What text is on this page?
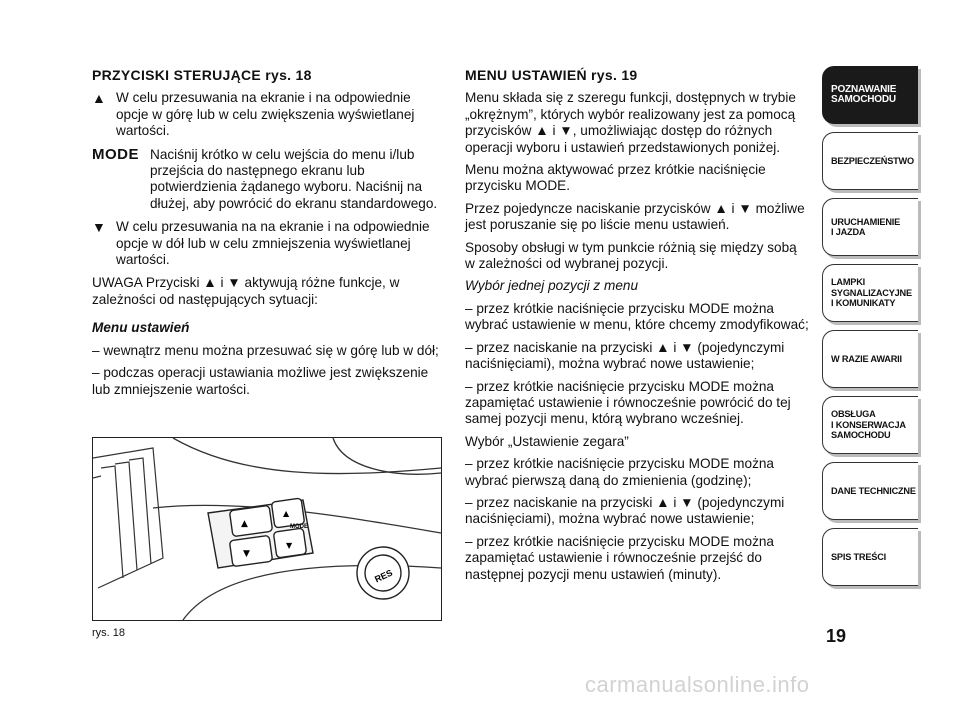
PRZYCISKI STERUJĄCE rys. 18

▲ W celu przesuwania na ekranie i na odpowiednie opcje w górę lub w celu zwiększenia wyświetlanej wartości.
MODE Naciśnij krótko w celu wejścia do menu i/lub przejścia do następnego ekranu lub potwierdzienia żądanego wyboru. Naciśnij na dłużej, aby powrócić do ekranu standardowego.
▼ W celu przesuwania na na ekranie i na odpowiednie opcje w dół lub w celu zmniejszenia wyświetlanej wartości.

UWAGA Przyciski ▲ i ▼ aktywują różne funkcje, w zależności od następujących sytuacji:

Menu ustawień

– wewnątrz menu można przesuwać się w górę lub w dół;

– podczas operacji ustawiania możliwe jest zwiększenie lub zmniejszenie wartości.

▲
▼
▲
▼
MODE
RES
rys. 18

MENU USTAWIEŃ rys. 19

Menu składa się z szeregu funkcji, dostępnych w trybie „okrężnym”, których wybór realizowany jest za pomocą przycisków ▲ i ▼, umożliwiając dostęp do różnych operacji wyboru i ustawień przedstawionych poniżej.

Menu można aktywować przez krótkie naciśnięcie przycisku MODE.

Przez pojedyncze naciskanie przycisków ▲ i ▼ możliwe jest poruszanie się po liście menu ustawień.

Sposoby obsługi w tym punkcie różnią się między sobą w zależności od wybranej pozycji.

Wybór jednej pozycji z menu

– przez krótkie naciśnięcie przycisku MODE można wybrać ustawienie w menu, które chcemy zmodyfikować;

– przez naciskanie na przyciski ▲ i ▼ (pojedynczymi naciśnięciami), można wybrać nowe ustawienie;

– przez krótkie naciśnięcie przycisku MODE można zapamiętać ustawienie i równocześnie powrócić do tej samej pozycji menu, którą wybrano wcześniej.

Wybór „Ustawienie zegara”

– przez krótkie naciśnięcie przycisku MODE można wybrać pierwszą daną do zmienienia (godzinę);

– przez naciskanie na przyciski ▲ i ▼ (pojedynczymi naciśnięciami), można wybrać nowe ustawienie;

– przez krótkie naciśnięcie przycisku MODE można zapamiętać ustawienie i równocześnie przejść do następnej pozycji menu ustawień (minuty).

POZNAWANIE
SAMOCHODU
BEZPIECZEŃSTWO
URUCHAMIENIE
I JAZDA
LAMPKI
SYGNALIZACYJNE
I KOMUNIKATY
W RAZIE AWARII
OBSŁUGA
I KONSERWACJA
SAMOCHODU
DANE TECHNICZNE
SPIS TREŚCI
19
carmanualsonline.info
